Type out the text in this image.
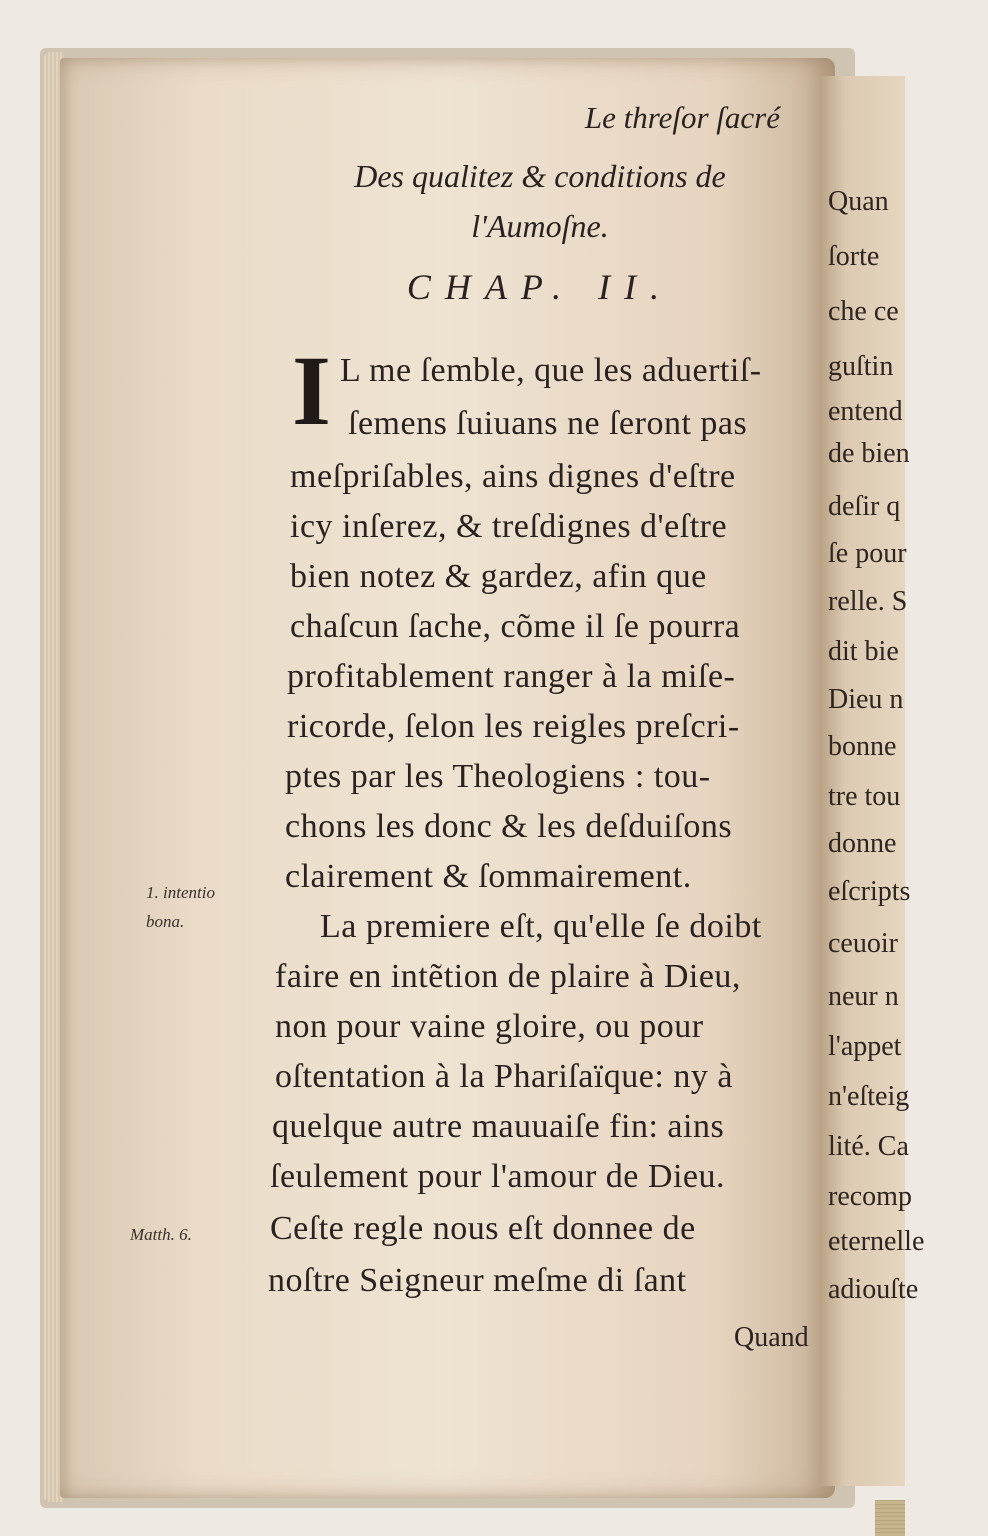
Quan
ſorte
che ce
guſtin
entend
de bien
deſir q
ſe pour
relle. S
dit bie
Dieu n
bonne
tre tou
donne
eſcripts
ceuoir
neur n
l'appet
n'eſteig
lité. Ca
recomp
eternelle
adiouſte
Le threſor ſacré
Des qualitez & conditions de
l'Aumoſne.
CHAP. II.
I L me ſemble, que les aduertiſ-
ſemens ſuiuans ne ſeront pas
meſpriſables, ains dignes d'eſtre
icy inſerez, & treſdignes d'eſtre
bien notez & gardez, afin que
chaſcun ſache, cõme il ſe pourra
profitablement ranger à la miſe-
ricorde, ſelon les reigles preſcri-
ptes par les Theologiens : tou-
chons les donc & les deſduiſons
clairement & ſommairement.
La premiere eſt, qu'elle ſe doibt
faire en intẽtion de plaire à Dieu,
non pour vaine gloire, ou pour
oſtentation à la Phariſaïque: ny à
quelque autre mauuaiſe fin: ains
ſeulement pour l'amour de Dieu.
Ceſte regle nous eſt donnee de
noſtre Seigneur meſme di ſant
Quand
1. intentio
bona.
Matth. 6.
